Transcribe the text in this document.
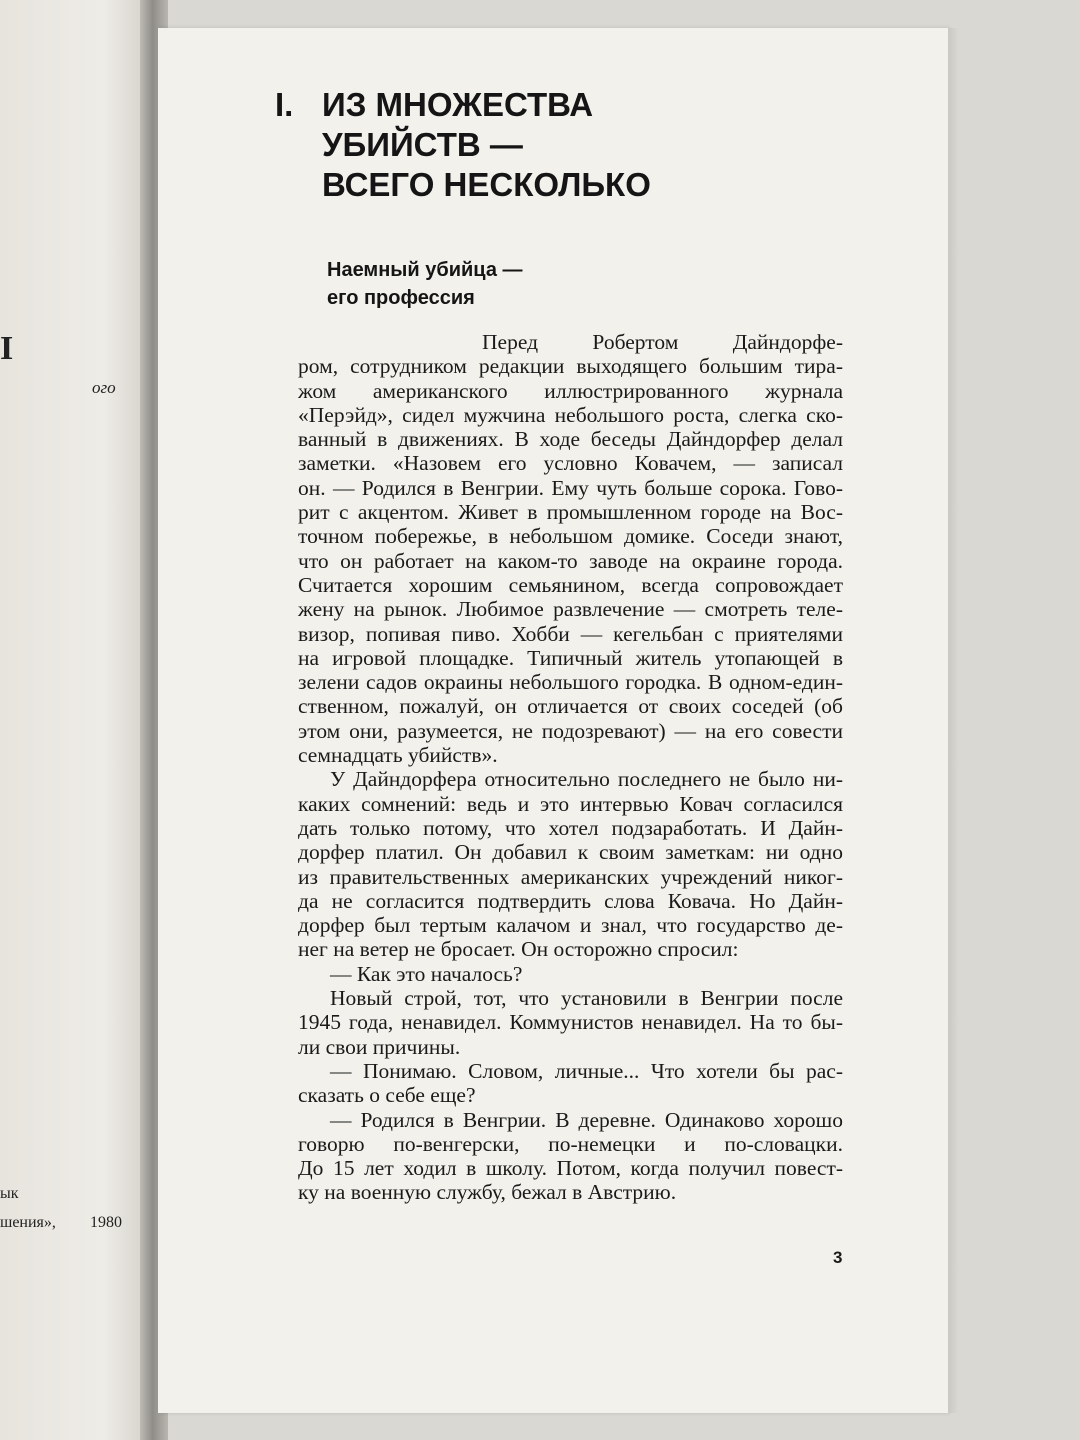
I
ого
ык
шения», 1980
I. ИЗ МНОЖЕСТВА
УБИЙСТВ —
ВСЕГО НЕСКОЛЬКО
Наемный убийца —
его профессия
Перед Робертом Дайндорфе-
ром, сотрудником редакции выходящего большим тира-
жом американского иллюстрированного журнала
«Перэйд», сидел мужчина небольшого роста, слегка ско-
ванный в движениях. В ходе беседы Дайндорфер делал
заметки. «Назовем его условно Ковачем, — записал
он. — Родился в Венгрии. Ему чуть больше сорока. Гово-
рит с акцентом. Живет в промышленном городе на Вос-
точном побережье, в небольшом домике. Соседи знают,
что он работает на каком-то заводе на окраине города.
Считается хорошим семьянином, всегда сопровождает
жену на рынок. Любимое развлечение — смотреть теле-
визор, попивая пиво. Хобби — кегельбан с приятелями
на игровой площадке. Типичный житель утопающей в
зелени садов окраины небольшого городка. В одном-един-
ственном, пожалуй, он отличается от своих соседей (об
этом они, разумеется, не подозревают) — на его совести
семнадцать убийств».
У Дайндорфера относительно последнего не было ни-
каких сомнений: ведь и это интервью Ковач согласился
дать только потому, что хотел подзаработать. И Дайн-
дорфер платил. Он добавил к своим заметкам: ни одно
из правительственных американских учреждений никог-
да не согласится подтвердить слова Ковача. Но Дайн-
дорфер был тертым калачом и знал, что государство де-
нег на ветер не бросает. Он осторожно спросил:
— Как это началось?
Новый строй, тот, что установили в Венгрии после
1945 года, ненавидел. Коммунистов ненавидел. На то бы-
ли свои причины.
— Понимаю. Словом, личные... Что хотели бы рас-
сказать о себе еще?
— Родился в Венгрии. В деревне. Одинаково хорошо
говорю по-венгерски, по-немецки и по-словацки.
До 15 лет ходил в школу. Потом, когда получил повест-
ку на военную службу, бежал в Австрию.
3
